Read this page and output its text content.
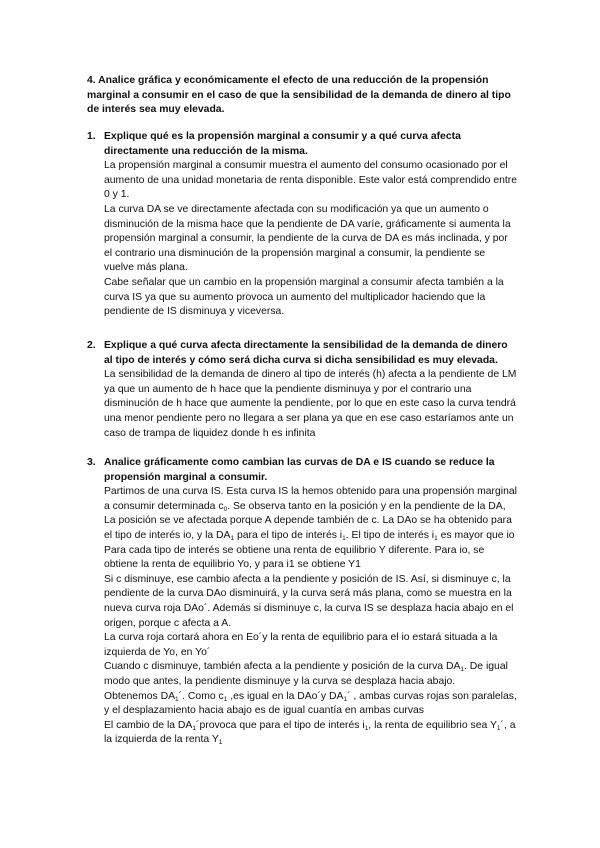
4. Analice gráfica y económicamente el efecto de una reducción de la propensión marginal a consumir en el caso de que la sensibilidad de la demanda de dinero al tipo de interés sea muy elevada.
1. Explique qué es la propensión marginal a consumir y a qué curva afecta directamente una reducción de la misma.

La propensión marginal a consumir muestra el aumento del consumo ocasionado por el aumento de una unidad monetaria de renta disponible. Este valor está comprendido entre 0 y 1.

La curva DA se ve directamente afectada con su modificación ya que un aumento o disminución de la misma hace que la pendiente de DA varíe, gráficamente si aumenta la propensión marginal a consumir, la pendiente de la curva de DA es más inclinada, y por el contrario una disminución de la propensión marginal a consumir, la pendiente se vuelve más plana.

Cabe señalar que un cambio en la propensión marginal a consumir afecta también a la curva IS ya que su aumento provoca un aumento del multiplicador haciendo que la pendiente de IS disminuya y viceversa.

2. Explique a qué curva afecta directamente la sensibilidad de la demanda de dinero al tipo de interés y cómo será dicha curva si dicha sensibilidad es muy elevada.

La sensibilidad de la demanda de dinero al tipo de interés (h) afecta a la pendiente de LM ya que un aumento de h hace que la pendiente disminuya y por el contrario una disminución de h hace que aumente la pendiente, por lo que en este caso la curva tendrá una menor pendiente pero no llegara a ser plana ya que en ese caso estaríamos ante un caso de trampa de liquidez donde h es infinita

3. Analice gráficamente como cambian las curvas de DA e IS cuando se reduce la propensión marginal a consumir.

Partimos de una curva IS. Esta curva IS la hemos obtenido para una propensión marginal a consumir determinada $c_0$. Se observa tanto en la posición y en la pendiente de la DA, La posición se ve afectada porque A depende también de c. La DAo se ha obtenido para el tipo de interés io, y la $DA_1$ para el tipo de interés $i_1$. El tipo de interés $i_1$ es mayor que io

Para cada tipo de interés se obtiene una renta de equilibrio Y diferente. Para io, se obtiene la renta de equilibrio Yo, y para i1 se obtiene Y1

Si c disminuye, ese cambio afecta a la pendiente y posición de IS. Así, si disminuye c, la pendiente de la curva DAo disminuirá, y la curva será más plana, como se muestra en la nueva curva roja DAo´. Además si disminuye c, la curva IS se desplaza hacia abajo en el origen, porque c afecta a A.

La curva roja cortará ahora en Eo´y la renta de equilibrio para el io estará situada a la izquierda de Yo, en Yo´

Cuando c disminuye, también afecta a la pendiente y posición de la curva $DA_1$. De igual modo que antes, la pendiente disminuye y la curva se desplaza hacia abajo.

Obtenemos $DA_1´$. Como $c_1$ ,es igual en la DAo´y $DA_1´$ , ambas curvas rojas son paralelas, y el desplazamiento hacia abajo es de igual cuantía en ambas curvas

El cambio de la $DA_1´provoca$ que para el tipo de interés $i_1$, la renta de equilibrio sea $Y_1´$, a la izquierda de la renta $Y_1$
